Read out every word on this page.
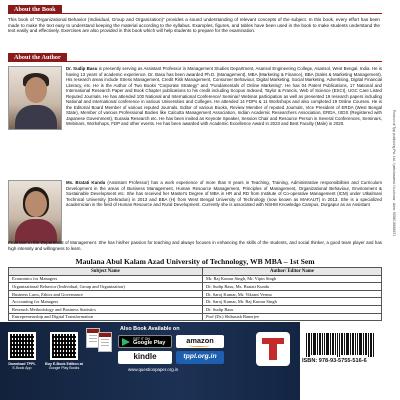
About the Book
This book of “Organizational Behavior (Individual, Group and Organization)” provides a sound understanding of relevant concepts of the subject. In this book, every effort has been made to make the text easy to understand keeping the material according to the syllabus. Examples, figures, and tables have been used in the book to make students understand the text easily and effectively. Exercises are also provided in this book which will help students to prepare for the examination.
About the Author
Dr. Sudip Basu is presently serving as Assistant Professor in Management Studies Department, Asansol Engineering College, Asansol, West Bengal, India. He is having 13 years of academic experience. Dr. Basu has been awarded Ph.D. (Management), MBA (Marketing & Finance), BBA (Sales & Marketing Management). His research areas include Stress Management, Credit Risk Management, Consumer Behaviour, Digital Marketing, Social Marketing, Advertising, Digital Financial Literacy, etc. He is the Author of Two Books “Corporate Strategy” and “Fundamentals of Online Marketing”. He has 04 Patent Publications, 17 National and International Research Paper and Book Chapter publications to his credit including Scopus Indexed, Taylor & Francis, Web of Science (ESCI), UGC Care Listed Reputed Journals. He has attended 100 National and International Conference/ Seminar/ Webinar participation as well as presented 19 research papers including National and International conference in various Universities and Colleges. He attended 14 FDPs & 11 Workshops and also completed 19 Online Courses. He is the Editorial Board Member of various reputed Journals, Editor of various Books, Review Member of reputed Journals, Vice President of ERDA (West Bengal State), Member of various Professional Bodies like Calcutta Management Association, Indian Academic Researchers Association, ERDA, ISDS (Registered with Japanese Government), Eurasia Research etc. He has been invited as Keynote Speaker, Session Chair and Resource Person in Several Conferences, Seminars, Webinars, Workshops, FDP and other events. He has been awarded with Academic Excellence Award in 2023 and Best Faculty (Male) in 2020.
Ms. Bratati Kundu (Assistant Professor) has a work experience of more than 8 years in Teaching, Training, Administrative responsibilities and Curriculum Development in the areas of Business Management, Human Resource Management, Principles of Management, Organizational Behaviour, Environment & Sustainable Development etc. She has received her Master's Degree of MBA in HR and RD from Institute of Co-operative Management (ICM) under Utkalmani Technical University (Dehradun) in 2013 and BBA (H) from West Bengal University of Technology (now known as MAKAUT) in 2013. She is a specialized academician in the field of Human Resource and Rural Development. Currently she is associated with NSHM Knowledge Campus, Durgapur as an Assistant
Professor in the Department of Management. She has his/her passion for teaching and always focuses in enhancing the skills of the students, and social thinker, a good team player and has high intensity and willingness to learn.
Product of Tpp publishing Pvt. Ltd. / pebulasaesd / Lucknow · Adm: 9258016666671
Maulana Abul Kalam Azad University of Technology, WB MBA – 1st Sem
Subject Name	Author/ Editor Name
Economics for Managers	Mr. Raj Kumar Singh, Mr. Vipin Singh
Organizational Behavior (Individual, Group and Organization)	Dr. Sudip Basu, Ms. Bratati Kundu
Business Laws, Ethics and Governance	Dr. Saroj Kumar, Mr. Vikrant Verma
Accounting for Managers	Dr. Saroj Kumar, Mr. Raj Kumar Singh
Research Methodology and Business Statistics	Dr. Sudip Basu
Entrepreneurship and Digital Transformation	Prof (Dr.) Shibasish Banerjee
ISBN: 978-93-5755-516-6
Download TPPL
E-Book App
Buy E-Book Edition at
Google Play Books
Also Book Available on
GET IT ON
Google Play	amazon
kindle	tppl.org.in
www.questionpaper.org.in
